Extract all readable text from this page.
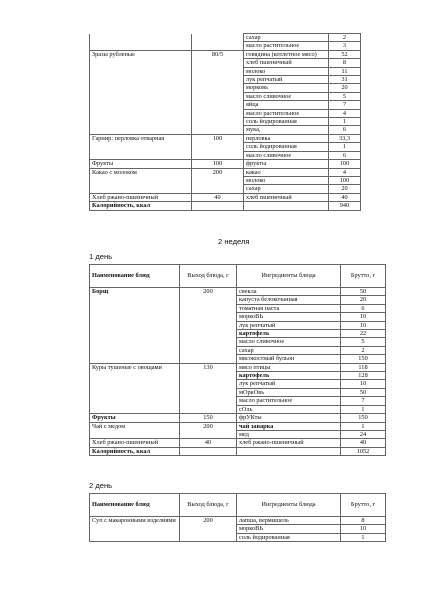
		сахар	2
		масло растительное	3
Зразы рубленые	80/5	говядина (котлетное мясо)	52
		хлеб пшеничный	8
		молоко	11
		лук репчатый	31
		морковь	20
		масло сливочное	5
		яйца	7
		масло растительное	4
		соль йодированная	1
		мука,	6
Гарнир: перловка отварная	100	перловка	33,3
		соль йодированная	1
		масло сливочное	6
Фрукты	100	фрукты	100
Какао с молоком	200	какао	4
		молоко	100
		сахар	20
Хлеб ржано-пшеничный	40	хлеб пшеничный	40
Калорийность, ккал			940
2 неделя
1 день
Наименование блюд	Выход блюда, г	Ингредиенты блюда	Брутто, г
Борщ	200	свекла	50
		капуста белокочанная	20
		томатная паста	6
		моркоВЬ	10
		лук репчатый	10
		картофель	22
		масло сливочное	5
		сахар	2
		мясокостный бульон	150
Куры тушеные с овощами	130	мясо птицы	118
		картофель	128
		лук репчатый	10
		мОркОвь	50
		масло растительное	7
		сОль	1
Фрукты	150	фрУКты	150
Чай с медом	200	чай заварка	1
		мед	24
Хлеб ржано-пшеничный	40	хлеб ржано-пшеничный	40
Калорийность, ккал			1052
2 день
Наименование блюд	Выход блюда, г	Ингредиенты блюда	Брутто, г
Суп с макаронными изделиями	200	лапша, вермишель	8
		моркоВЬ	10
		соль йодированная	1
